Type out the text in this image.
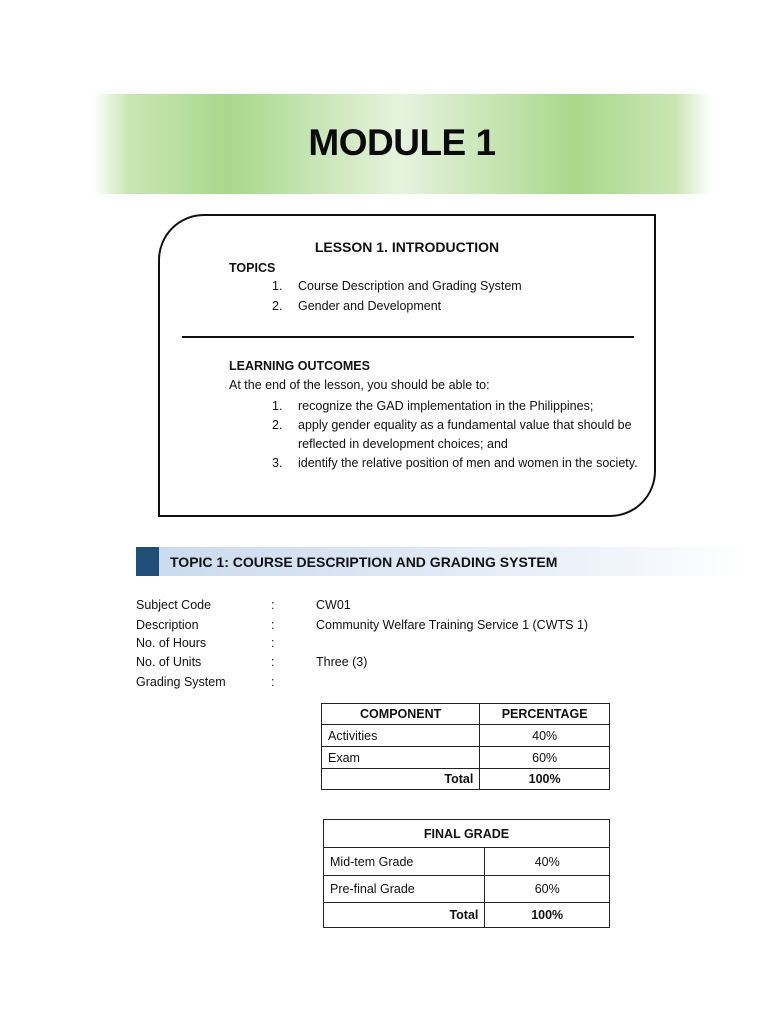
MODULE 1
LESSON 1. INTRODUCTION
TOPICS
1.	Course Description and Grading System
2.	Gender and Development
LEARNING OUTCOMES
At the end of the lesson, you should be able to:
1.	recognize the GAD implementation in the Philippines;
2.	apply gender equality as a fundamental value that should be reflected in development choices; and
3.	identify the relative position of men and women in the society.
TOPIC 1: COURSE DESCRIPTION AND GRADING SYSTEM
Subject Code	:	CW01
Description	:	Community Welfare Training Service 1 (CWTS 1)
No. of Hours	:
No. of Units	:	Three (3)
Grading System	:
COMPONENT	PERCENTAGE
Activities	40%
Exam	60%
Total	100%
FINAL GRADE	
Mid-tem Grade	40%
Pre-final Grade	60%
Total	100%
